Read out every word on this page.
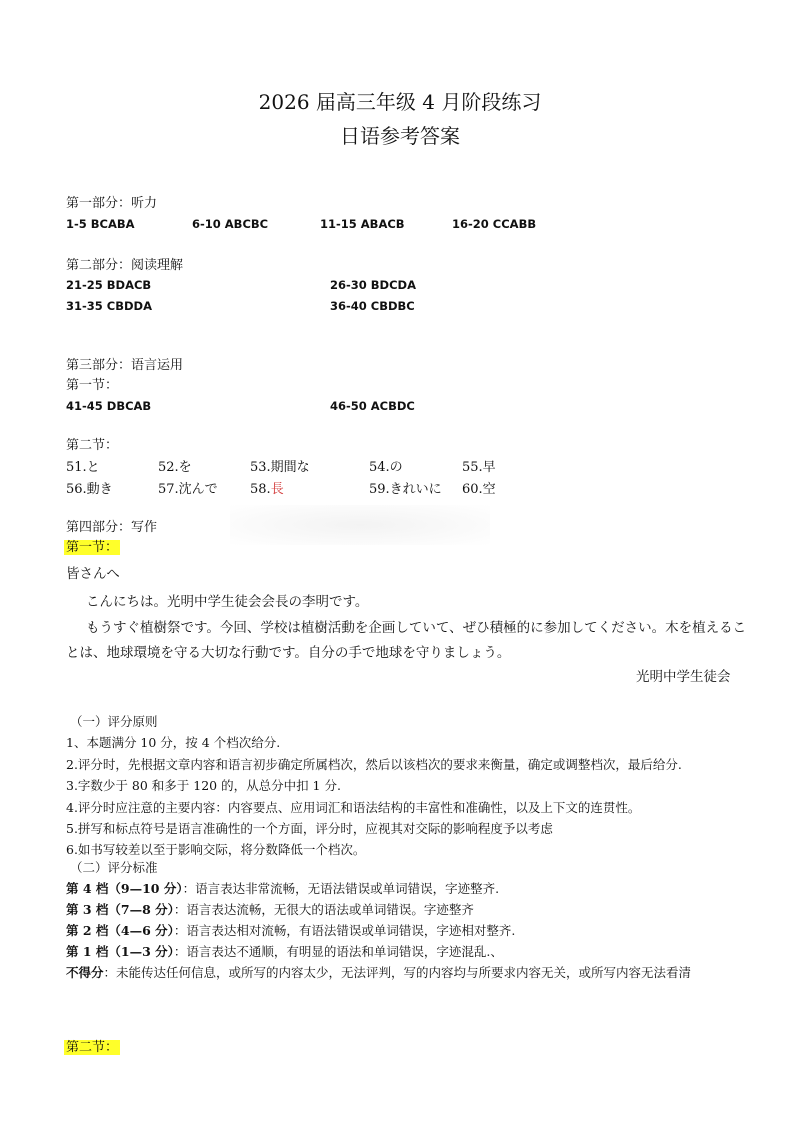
2026 届高三年级 4 月阶段练习
日语参考答案
第一部分：听力
1-5 BCABA	6-10 ABCBC	11-15 ABACB	16-20 CCABB
第二部分：阅读理解
21-25 BDACB	26-30 BDCDA
31-35 CBDDA	36-40 CBDBC
第三部分：语言运用
第一节：
41-45 DBCAB	46-50 ACBDC
第二节：
51.と	52.を	53.期間な	54.の	55.早
56.動き	57.沈んで 58.長	59.きれいに 60.空
第四部分：写作
第一节：
皆さんへ
こんにちは。光明中学生徒会会長の李明です。
もうすぐ植樹祭です。今回、学校は植樹活動を企画していて、ぜひ積極的に参加してください。木を植えるこ
とは、地球環境を守る大切な行動です。自分の手で地球を守りましょう。
光明中学生徒会
（一）评分原则
1、本题满分 10 分，按 4 个档次给分.
2.评分时，先根据文章内容和语言初步确定所属档次，然后以该档次的要求来衡量，确定或调整档次，最后给分.
3.字数少于 80 和多于 120 的，从总分中扣 1 分.
4.评分时应注意的主要内容：内容要点、应用词汇和语法结构的丰富性和准确性，以及上下文的连贯性。
5.拼写和标点符号是语言准确性的一个方面，评分时，应视其对交际的影响程度予以考虑
6.如书写较差以至于影响交际，将分数降低一个档次。
（二）评分标准
第 4 档（9—10 分）：语言表达非常流畅，无语法错误或单词错误，字迹整齐.
第 3 档（7—8 分）：语言表达流畅，无很大的语法或单词错误。字迹整齐
第 2 档（4—6 分）：语言表达相对流畅，有语法错误或单词错误，字迹相对整齐.
第 1 档（1—3 分）：语言表达不通顺，有明显的语法和单词错误，字迹混乱.、
不得分：未能传达任何信息，或所写的内容太少，无法评判，写的内容均与所要求内容无关，或所写内容无法看清
第二节：
